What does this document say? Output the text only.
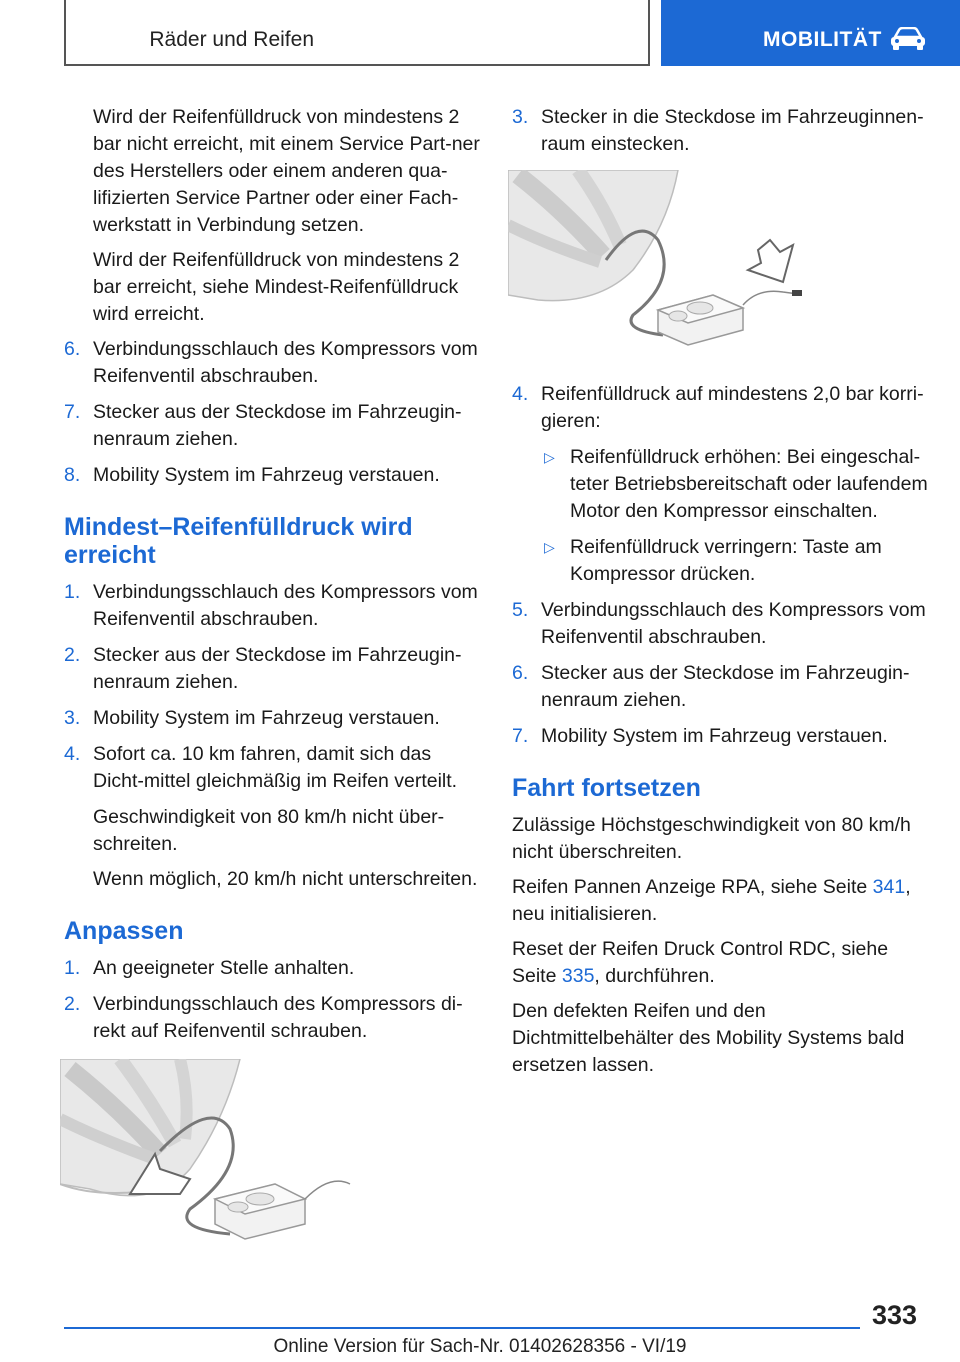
Räder und Reifen	MOBILITÄT

Wird der Reifenfülldruck von mindestens 2 bar nicht erreicht, mit einem Service Part-ner des Herstellers oder einem anderen qua-lifizierten Service Partner oder einer Fach-werkstatt in Verbindung setzen.

Wird der Reifenfülldruck von mindestens 2 bar erreicht, siehe Mindest-Reifenfülldruck wird erreicht.

6. Verbindungsschlauch des Kompressors vom Reifenventil abschrauben.
7. Stecker aus der Steckdose im Fahrzeugin-nenraum ziehen.
8. Mobility System im Fahrzeug verstauen.
Mindest–Reifenfülldruck wird erreicht
1. Verbindungsschlauch des Kompressors vom Reifenventil abschrauben.
2. Stecker aus der Steckdose im Fahrzeugin-nenraum ziehen.
3. Mobility System im Fahrzeug verstauen.
4. Sofort ca. 10 km fahren, damit sich das Dicht-mittel gleichmäßig im Reifen verteilt.

Geschwindigkeit von 80 km/h nicht über-schreiten.

Wenn möglich, 20 km/h nicht unterschreiten.

Anpassen
1. An geeigneter Stelle anhalten.
2. Verbindungsschlauch des Kompressors di-rekt auf Reifenventil schrauben.
3. Stecker in die Steckdose im Fahrzeuginnen-raum einstecken.
4. Reifenfülldruck auf mindestens 2,0 bar korri-gieren:
▷ Reifenfülldruck erhöhen: Bei eingeschal-teter Betriebsbereitschaft oder laufendem Motor den Kompressor einschalten.
▷ Reifenfülldruck verringern: Taste am Kompressor drücken.
5. Verbindungsschlauch des Kompressors vom Reifenventil abschrauben.
6. Stecker aus der Steckdose im Fahrzeugin-nenraum ziehen.
7. Mobility System im Fahrzeug verstauen.
Fahrt fortsetzen

Zulässige Höchstgeschwindigkeit von 80 km/h nicht überschreiten.

Reifen Pannen Anzeige RPA, siehe Seite 341, neu initialisieren.

Reset der Reifen Druck Control RDC, siehe Seite 335, durchführen.

Den defekten Reifen und den Dichtmittelbehälter des Mobility Systems bald ersetzen lassen.

333
Online Version für Sach-Nr. 01402628356 - VI/19
